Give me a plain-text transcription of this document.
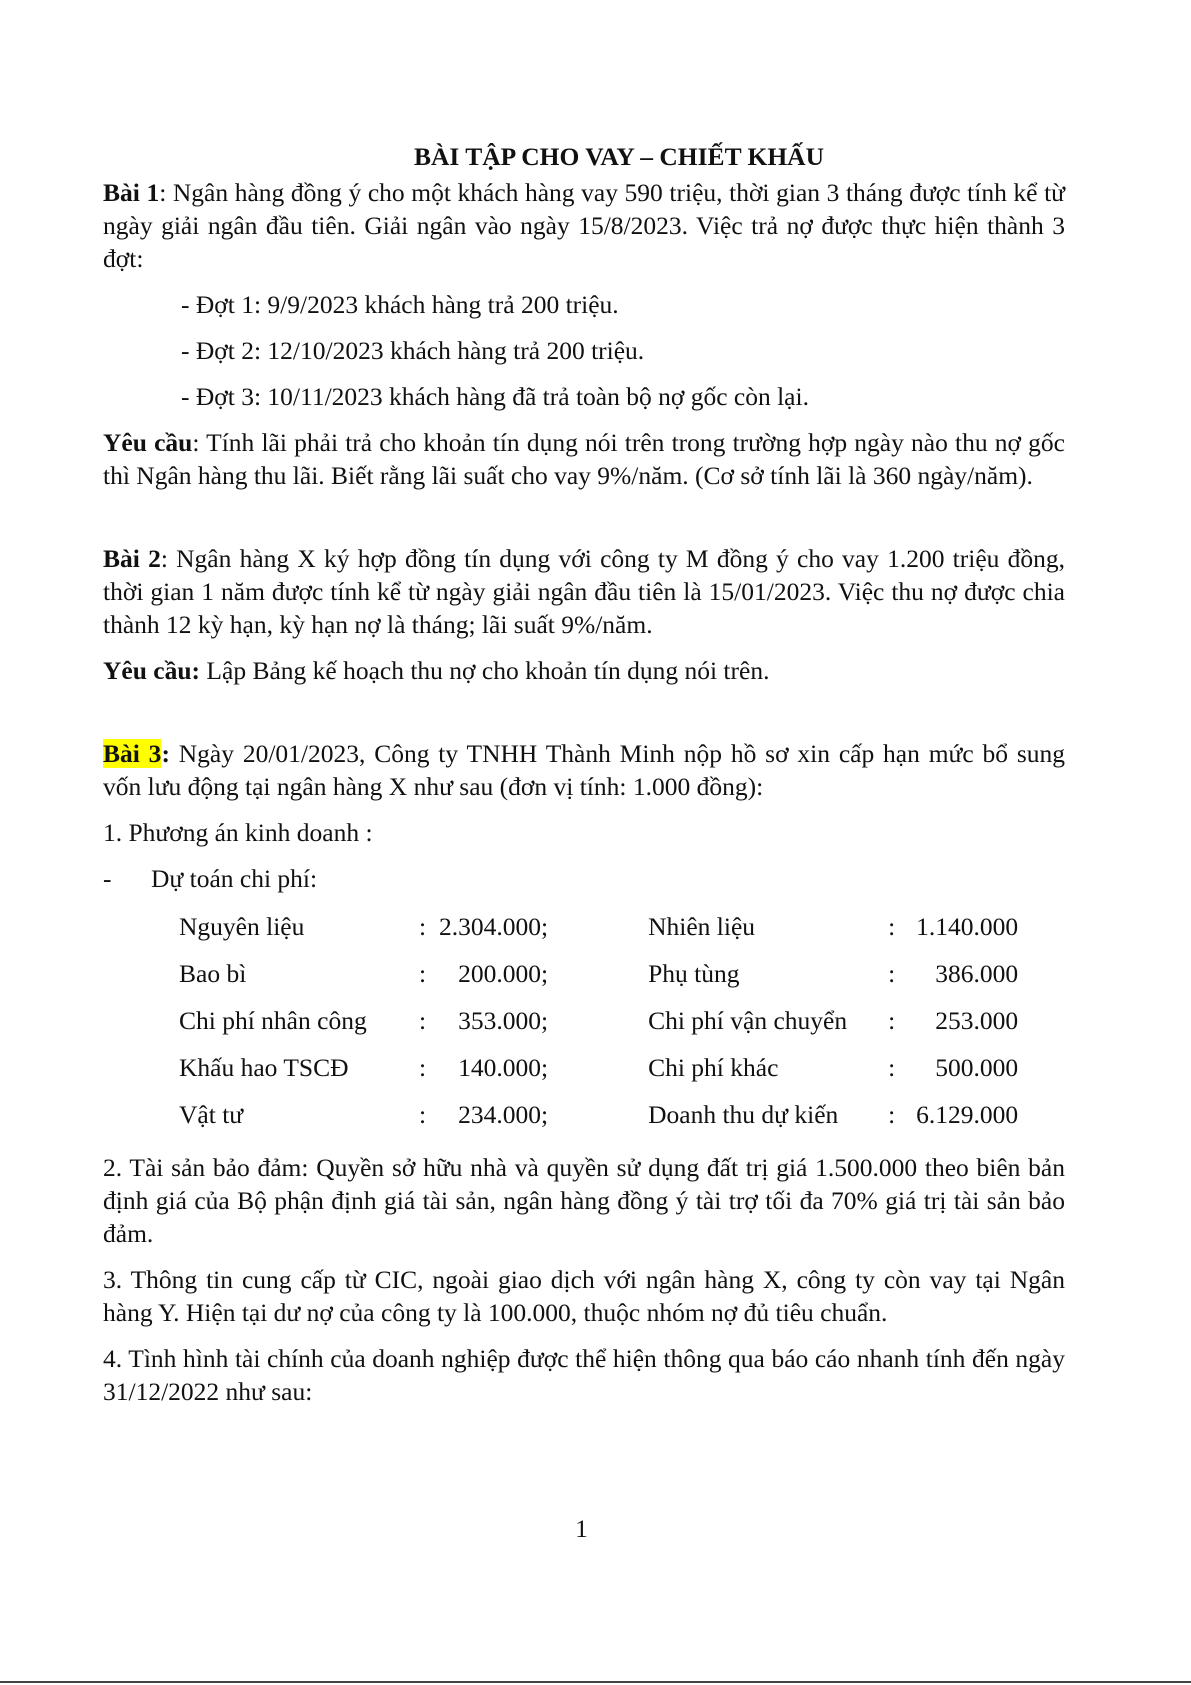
BÀI TẬP CHO VAY – CHIẾT KHẤU

Bài 1: Ngân hàng đồng ý cho một khách hàng vay 590 triệu, thời gian 3 tháng được tính kể từ ngày giải ngân đầu tiên. Giải ngân vào ngày 15/8/2023. Việc trả nợ được thực hiện thành 3 đợt:

- Đợt 1: 9/9/2023 khách hàng trả 200 triệu.

- Đợt 2: 12/10/2023 khách hàng trả 200 triệu.

- Đợt 3: 10/11/2023 khách hàng đã trả toàn bộ nợ gốc còn lại.

Yêu cầu: Tính lãi phải trả cho khoản tín dụng nói trên trong trường hợp ngày nào thu nợ gốc thì Ngân hàng thu lãi. Biết rằng lãi suất cho vay 9%/năm. (Cơ sở tính lãi là 360 ngày/năm).

Bài 2: Ngân hàng X ký hợp đồng tín dụng với công ty M đồng ý cho vay 1.200 triệu đồng, thời gian 1 năm được tính kể từ ngày giải ngân đầu tiên là 15/01/2023. Việc thu nợ được chia thành 12 kỳ hạn, kỳ hạn nợ là tháng; lãi suất 9%/năm.

Yêu cầu: Lập Bảng kế hoạch thu nợ cho khoản tín dụng nói trên.

Bài 3: Ngày 20/01/2023, Công ty TNHH Thành Minh nộp hồ sơ xin cấp hạn mức bổ sung vốn lưu động tại ngân hàng X như sau (đơn vị tính: 1.000 đồng):

1. Phương án kinh doanh :

-	Dự toán chi phí:
Nguyên liệu	:	2.304.000;		Nhiên liệu	:	1.140.000
Bao bì	:	200.000;		Phụ tùng	:	386.000
Chi phí nhân công	:	353.000;		Chi phí vận chuyển	:	253.000
Khấu hao TSCĐ	:	140.000;		Chi phí khác	:	500.000
Vật tư	:	234.000;		Doanh thu dự kiến	:	6.129.000

2. Tài sản bảo đảm: Quyền sở hữu nhà và quyền sử dụng đất trị giá 1.500.000 theo biên bản định giá của Bộ phận định giá tài sản, ngân hàng đồng ý tài trợ tối đa 70% giá trị tài sản bảo đảm.

3. Thông tin cung cấp từ CIC, ngoài giao dịch với ngân hàng X, công ty còn vay tại Ngân hàng Y. Hiện tại dư nợ của công ty là 100.000, thuộc nhóm nợ đủ tiêu chuẩn.

4. Tình hình tài chính của doanh nghiệp được thể hiện thông qua báo cáo nhanh tính đến ngày 31/12/2022 như sau:

1
